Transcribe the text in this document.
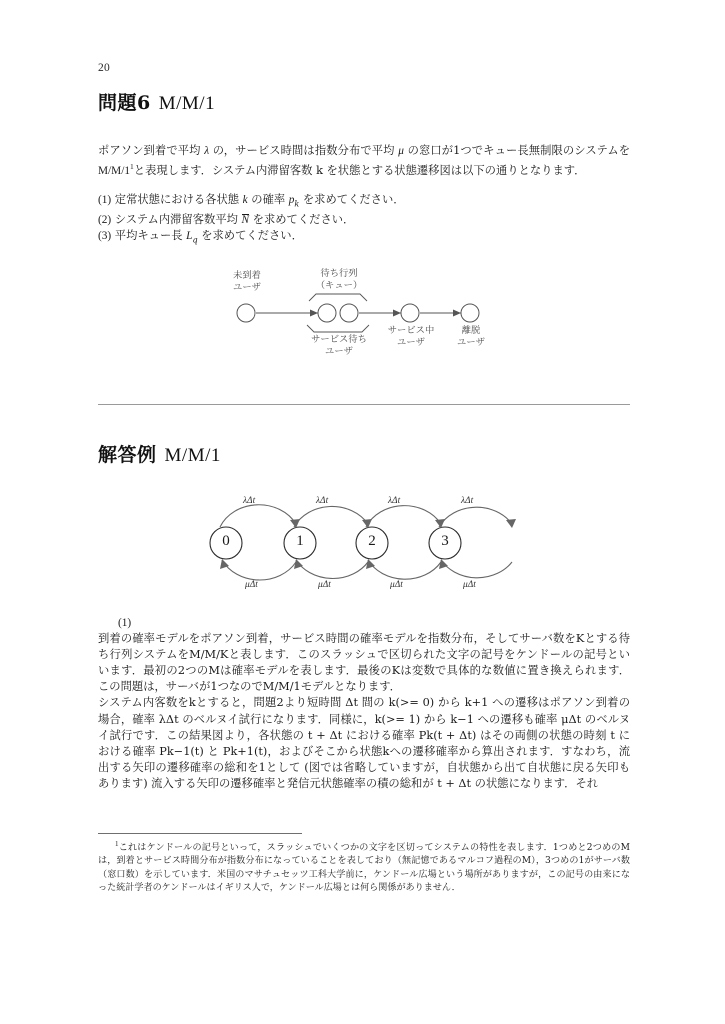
20
問題6 M/M/1

ポアソン到着で平均 λ の，サービス時間は指数分布で平均 μ の窓口が1つでキュー長無制限のシステムをM/M/1$^1$と表現します．システム内滞留客数 k を状態とする状態遷移図は以下の通りとなります．

(1) 定常状態における各状態 k の確率 $p_k$ を求めてください．

(2) システム内滞留客数平均 N を求めてください．

(3) 平均キュー長 $L_q$ を求めてください．

未到着
ユーザ
待ち行列
（キュー）
サービス待ち
ユーザ
サービス中
ユーザ
離脱
ユーザ
解答例 M/M/1
0	1	2	3
λΔt	λΔt	λΔt	λΔt
μΔt	μΔt	μΔt	μΔt

(1)

到着の確率モデルをポアソン到着，サービス時間の確率モデルを指数分布，そしてサーバ数をKとする待ち行列システムをM/M/Kと表します．このスラッシュで区切られた文字の記号をケンドールの記号といいます．最初の2つのMは確率モデルを表します．最後のKは変数で具体的な数値に置き換えられます．この問題は，サーバが1つなのでM/M/1モデルとなります．

システム内客数をkとすると，問題2より短時間 Δt 間の k(>= 0) から k+1 への遷移はポアソン到着の場合，確率 λΔt のベルヌイ試行になります．同様に，k(>= 1) から k−1 への遷移も確率 μΔt のベルヌイ試行です．この結果図より，各状態の t + Δt における確率 Pk(t + Δt) はその両側の状態の時刻 t における確率 Pk−1(t) と Pk+1(t)，およびそこから状態kへの遷移確率から算出されます．すなわち，流出する矢印の遷移確率の総和を1として (図では省略していますが，自状態から出て自状態に戻る矢印もあります) 流入する矢印の遷移確率と発信元状態確率の積の総和が t + Δt の状態になります．それ

$^1$これはケンドールの記号といって，スラッシュでいくつかの文字を区切ってシステムの特性を表します．1つめと2つめのMは，到着とサービス時間分布が指数分布になっていることを表しており（無記憶であるマルコフ過程のM），3つめの1がサーバ数（窓口数）を示しています．米国のマサチュセッツ工科大学前に，ケンドール広場という場所がありますが，この記号の由来になった統計学者のケンドールはイギリス人で，ケンドール広場とは何ら関係がありません．
